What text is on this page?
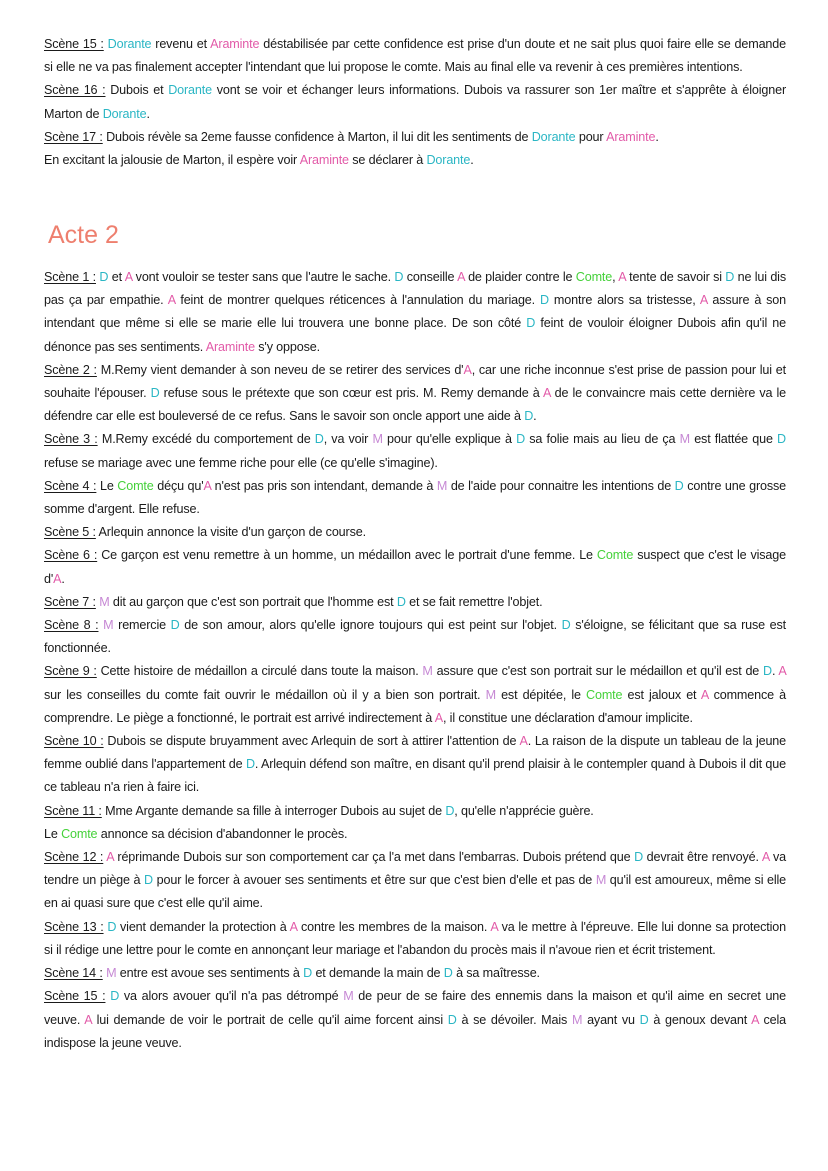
Scène 15 : Dorante revenu et Araminte déstabilisée par cette confidence est prise d'un doute et ne sait plus quoi faire elle se demande si elle ne va pas finalement accepter l'intendant que lui propose le comte. Mais au final elle va revenir à ces premières intentions.

Scène 16 : Dubois et Dorante vont se voir et échanger leurs informations. Dubois va rassurer son 1er maître et s'apprête à éloigner Marton de Dorante.

Scène 17 : Dubois révèle sa 2eme fausse confidence à Marton, il lui dit les sentiments de Dorante pour Araminte.

En excitant la jalousie de Marton, il espère voir Araminte se déclarer à Dorante.

Acte 2

Scène 1 : D et A vont vouloir se tester sans que l'autre le sache. D conseille A de plaider contre le Comte, A tente de savoir si D ne lui dis pas ça par empathie. A feint de montrer quelques réticences à l'annulation du mariage. D montre alors sa tristesse, A assure à son intendant que même si elle se marie elle lui trouvera une bonne place. De son côté D feint de vouloir éloigner Dubois afin qu'il ne dénonce pas ses sentiments. Araminte s'y oppose.

Scène 2 : M.Remy vient demander à son neveu de se retirer des services d'A, car une riche inconnue s'est prise de passion pour lui et souhaite l'épouser. D refuse sous le prétexte que son cœur est pris. M. Remy demande à A de le convaincre mais cette dernière va le défendre car elle est bouleversé de ce refus. Sans le savoir son oncle apport une aide à D.

Scène 3 : M.Remy excédé du comportement de D, va voir M pour qu'elle explique à D sa folie mais au lieu de ça M est flattée que D refuse se mariage avec une femme riche pour elle (ce qu'elle s'imagine).

Scène 4 : Le Comte déçu qu'A n'est pas pris son intendant, demande à M de l'aide pour connaitre les intentions de D contre une grosse somme d'argent. Elle refuse.

Scène 5 : Arlequin annonce la visite d'un garçon de course.

Scène 6 : Ce garçon est venu remettre à un homme, un médaillon avec le portrait d'une femme. Le Comte suspect que c'est le visage d'A.

Scène 7 : M dit au garçon que c'est son portrait que l'homme est D et se fait remettre l'objet.

Scène 8 : M remercie D de son amour, alors qu'elle ignore toujours qui est peint sur l'objet. D s'éloigne, se félicitant que sa ruse est fonctionnée.

Scène 9 : Cette histoire de médaillon a circulé dans toute la maison. M assure que c'est son portrait sur le médaillon et qu'il est de D. A sur les conseilles du comte fait ouvrir le médaillon où il y a bien son portrait. M est dépitée, le Comte est jaloux et A commence à comprendre. Le piège a fonctionné, le portrait est arrivé indirectement à A, il constitue une déclaration d'amour implicite.

Scène 10 : Dubois se dispute bruyamment avec Arlequin de sort à attirer l'attention de A. La raison de la dispute un tableau de la jeune femme oublié dans l'appartement de D. Arlequin défend son maître, en disant qu'il prend plaisir à le contempler quand à Dubois il dit que ce tableau n'a rien à faire ici.

Scène 11 : Mme Argante demande sa fille à interroger Dubois au sujet de D, qu'elle n'apprécie guère.

Le Comte annonce sa décision d'abandonner le procès.

Scène 12 : A réprimande Dubois sur son comportement car ça l'a met dans l'embarras. Dubois prétend que D devrait être renvoyé. A va tendre un piège à D pour le forcer à avouer ses sentiments et être sur que c'est bien d'elle et pas de M qu'il est amoureux, même si elle en ai quasi sure que c'est elle qu'il aime.

Scène 13 : D vient demander la protection à A contre les membres de la maison. A va le mettre à l'épreuve. Elle lui donne sa protection si il rédige une lettre pour le comte en annonçant leur mariage et l'abandon du procès mais il n'avoue rien et écrit tristement.

Scène 14 : M entre est avoue ses sentiments à D et demande la main de D à sa maîtresse.

Scène 15 : D va alors avouer qu'il n'a pas détrompé M de peur de se faire des ennemis dans la maison et qu'il aime en secret une veuve. A lui demande de voir le portrait de celle qu'il aime forcent ainsi D à se dévoiler. Mais M ayant vu D à genoux devant A cela indispose la jeune veuve.
